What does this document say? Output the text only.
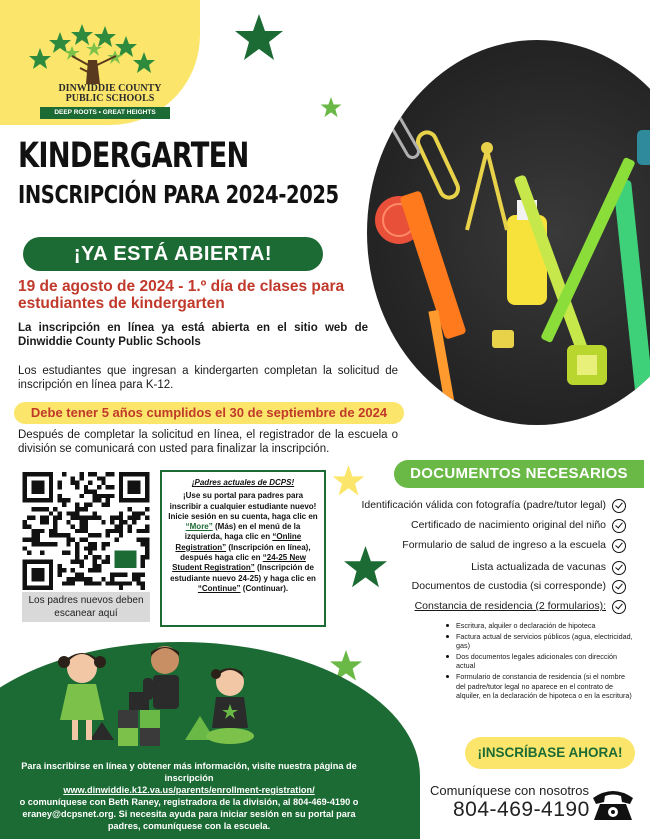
DINWIDDIE COUNTY
PUBLIC SCHOOLS
DEEP ROOTS • GREAT HEIGHTS
KINDERGARTEN
INSCRIPCIÓN PARA 2024-2025
¡YA ESTÁ ABIERTA!
19 de agosto de 2024 - 1.º día de clases para estudiantes de kindergarten
La inscripción en línea ya está abierta en el sitio web de Dinwiddie County Public Schools
Los estudiantes que ingresan a kindergarten completan la solicitud de inscripción en línea para K-12.
Debe tener 5 años cumplidos el 30 de septiembre de 2024
Después de completar la solicitud en línea, el registrador de la escuela o división se comunicará con usted para finalizar la inscripción.
Los padres nuevos deben escanear aquí
¡Padres actuales de DCPS!
¡Use su portal para padres para inscribir a cualquier estudiante nuevo! Inicie sesión en su cuenta, haga clic en “More” (Más) en el menú de la izquierda, haga clic en “Online Registration” (Inscripción en línea), después haga clic en “24-25 New Student Registration” (Inscripción de estudiante nuevo 24-25) y haga clic en “Continue” (Continuar).
DOCUMENTOS NECESARIOS
Identificación válida con fotografía (padre/tutor legal)
Certificado de nacimiento original del niño
Formulario de salud de ingreso a la escuela
Lista actualizada de vacunas
Documentos de custodia (si corresponde)
Constancia de residencia (2 formularios):
Escritura, alquiler o declaración de hipoteca
Factura actual de servicios públicos (agua, electricidad, gas)
Dos documentos legales adicionales con dirección actual
Formulario de constancia de residencia (si el nombre del padre/tutor legal no aparece en el contrato de alquiler, en la declaración de hipoteca o en la escritura)
Para inscribirse en línea y obtener más información, visite nuestra página de inscripción
www.dinwiddie.k12.va.us/parents/enrollment-registration/
o comuníquese con Beth Raney, registradora de la división, al 804-469-4190 o eraney@dcpsnet.org. Si necesita ayuda para iniciar sesión en su portal para padres, comuníquese con la escuela.
¡INSCRÍBASE AHORA!
Comuníquese con nosotros
804-469-4190
